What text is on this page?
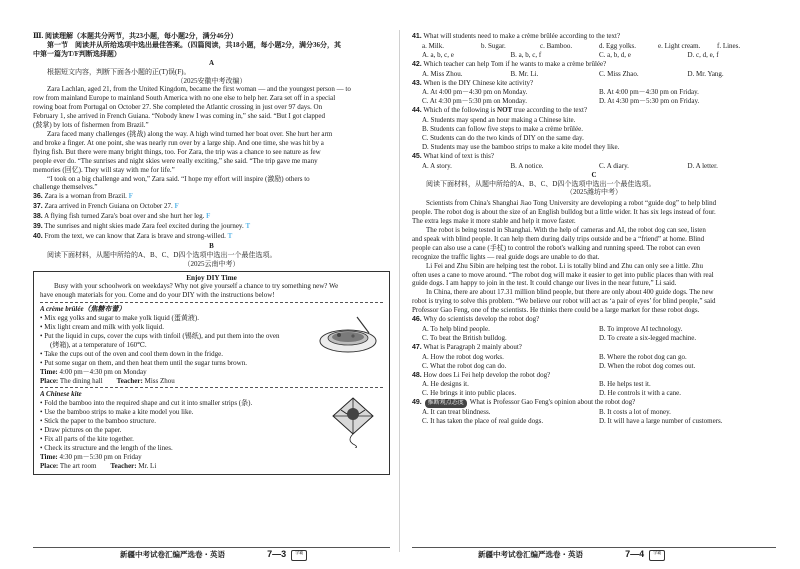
Ⅲ. 阅读理解（本题共分两节，共23小题，每小题2分，满分46分）
第一节　阅读并从所给选项中选出最佳答案。（四篇阅读，共18小题，每小题2分，满分36分，其
中第一篇为T/F判断选择题）
A
根据短文内容，判断下面各小题的正(T)误(F)。
（2025安徽中考改编）
Zara Lachlan, aged 21, from the United Kingdom, became the first woman — and the youngest person — to
row from mainland Europe to mainland South America with no one else to help her. Zara set off in a special
rowing boat from Portugal on October 27. She completed the Atlantic crossing in just over 97 days. On
February 1, she arrived in French Guiana. “Nobody knew I was coming in,” she said. “But I got clapped
(鼓掌) by lots of fishermen from Brazil.”
Zara faced many challenges (挑战) along the way. A high wind turned her boat over. She hurt her arm
and broke a finger. At one point, she was nearly run over by a large ship. And one time, she was hit by a
flying fish. But there were many bright things, too. For Zara, the trip was a chance to see nature as few
people ever do. “The sunrises and night skies were really exciting,” she said. “The trip gave me many
memories (回忆). They will stay with me for life.”
“I took on a big challenge and won,” Zara said. “I hope my effort will inspire (激励) others to
challenge themselves.”
36. Zara is a woman from Brazil. F
37. Zara arrived in French Guiana on October 27. F
38. A flying fish turned Zara's boat over and she hurt her leg. F
39. The sunrises and night skies made Zara feel excited during the journey. T
40. From the text, we can know that Zara is brave and strong-willed. T
B
阅读下面材料，从题中所给的A、B、C、D四个选项中选出一个最佳选项。
（2025云南中考）
Enjoy DIY Time
Busy with your schoolwork on weekdays? Why not give yourself a chance to try something new? We
have enough materials for you. Come and do your DIY with the instructions below!
A crème brûlée（焦糖布蕾）
• Mix egg yolks and sugar to make yolk liquid (蛋黄液).
• Mix light cream and milk with yolk liquid.
• Put the liquid in cups, cover the cups with tinfoil (锡纸), and put them into the oven
(烤箱), at a temperature of 160℃.
• Take the cups out of the oven and cool them down in the fridge.
• Put some sugar on them, and then heat them until the sugar turns brown.
Time: 4:00 pm－4:30 pm on Monday
Place: The dining hall Teacher: Miss Zhou
A Chinese kite
• Fold the bamboo into the required shape and cut it into smaller strips (条).
• Use the bamboo strips to make a kite model you like.
• Stick the paper to the bamboo structure.
• Draw pictures on the paper.
• Fix all parts of the kite together.
• Check its structure and the length of the lines.
Time: 4:30 pm－5:30 pm on Friday
Place: The art room Teacher: Mr. Li
新疆中考试卷汇编严选卷・英语	7—3 学霸
41. What will students need to make a crème brûlée according to the text?
a. Milk.	b. Sugar.	c. Bamboo.	d. Egg yolks.	e. Light cream.	f. Lines.
A. a, b, c, e	B. a, b, c, f	C. a, b, d, e	D. c, d, e, f
42. Which teacher can help Tom if he wants to make a crème brûlée?
A. Miss Zhou.	B. Mr. Li.	C. Miss Zhao.	D. Mr. Yang.
43. When is the DIY Chinese kite activity?
A. At 4:00 pm－4:30 pm on Monday.	B. At 4:00 pm－4:30 pm on Friday.
C. At 4:30 pm－5:30 pm on Monday.	D. At 4:30 pm－5:30 pm on Friday.
44. Which of the following is NOT true according to the text?
A. Students may spend an hour making a Chinese kite.
B. Students can follow five steps to make a crème brûlée.
C. Students can do the two kinds of DIY on the same day.
D. Students may use the bamboo strips to make a kite model they like.
45. What kind of text is this?
A. A story.	B. A notice.	C. A diary.	D. A letter.
C
阅读下面材料，从题中所给的A、B、C、D四个选项中选出一个最佳选项。
（2025潍坊中考）
Scientists from China's Shanghai Jiao Tong University are developing a robot “guide dog” to help blind
people. The robot dog is about the size of an English bulldog but a little wider. It has six legs instead of four.
The extra legs make it more stable and help it move faster.
The robot is being tested in Shanghai. With the help of cameras and AI, the robot dog can see, listen
and speak with blind people. It can help them during daily trips outside and be a “friend” at home. Blind
people can also use a cane (手杖) to control the robot's walking and running speed. The robot can even
recognize the traffic lights — real guide dogs are unable to do that.
Li Fei and Zhu Sibin are helping test the robot. Li is totally blind and Zhu can only see a little. Zhu
often uses a cane to move around. “The robot dog will make it easier to get into public places than with real
guide dogs. I am happy to join in the test. It could change our lives in the near future,” Li said.
In China, there are about 17.31 million blind people, but there are only about 400 guide dogs. The new
robot is trying to solve this problem. “We believe our robot will act as ‘a pair of eyes’ for blind people,” said
Professor Gao Feng, one of the scientists. He thinks there could be a large market for these robot dogs.
46. Why do scientists develop the robot dog?
A. To help blind people.	B. To improve AI technology.
C. To beat the British bulldog.	D. To create a six-legged machine.
47. What is Paragraph 2 mainly about?
A. How the robot dog works.	B. Where the robot dog can go.
C. What the robot dog can do.	D. When the robot dog comes out.
48. How does Li Fei help develop the robot dog?
A. He designs it.	B. He helps test it.
C. He brings it into public places.	D. He controls it with a cane.
49. 推断观点态度 What is Professor Gao Feng's opinion about the robot dog?
A. It can treat blindness.	B. It costs a lot of money.
C. It has taken the place of real guide dogs.	D. It will have a large number of customers.
新疆中考试卷汇编严选卷・英语	7—4 学霸
